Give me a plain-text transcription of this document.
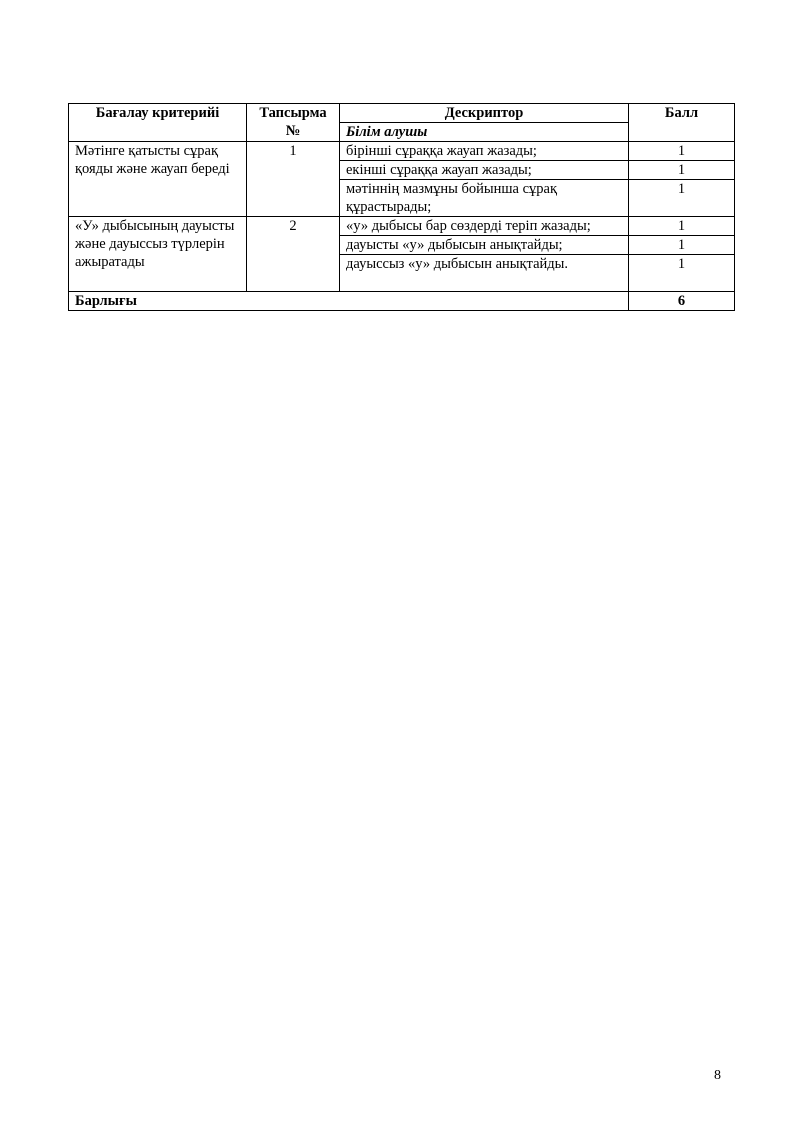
Бағалау критерийі	Тапсырма №	Дескриптор	Балл
		Білім алушы	
Мәтінге қатысты сұрақ қояды және жауап береді	1	бірінші сұраққа жауап жазады;	1
		екінші сұраққа жауап жазады;	1
		мәтіннің мазмұны бойынша сұрақ құрастырады;	1
«У» дыбысының дауысты және дауыссыз түрлерін ажыратады	2	«у» дыбысы бар сөздерді теріп жазады;	1
		дауысты «у» дыбысын анықтайды;	1
		дауыссыз «у» дыбысын анықтайды.	1
Барлығы			6
8
